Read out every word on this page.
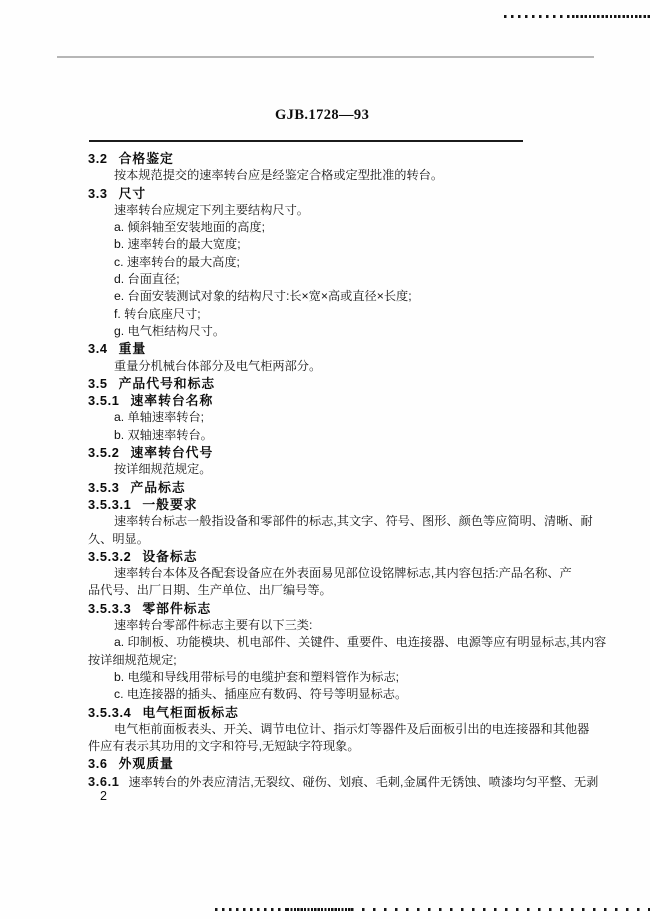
GJB.1728—93
3.2 合格鉴定
按本规范提交的速率转台应是经鉴定合格或定型批准的转台。
3.3 尺寸
速率转台应规定下列主要结构尺寸。
a. 倾斜轴至安装地面的高度;
b. 速率转台的最大宽度;
c. 速率转台的最大高度;
d. 台面直径;
e. 台面安装测试对象的结构尺寸:长×宽×高或直径×长度;
f. 转台底座尺寸;
g. 电气柜结构尺寸。
3.4 重量
重量分机械台体部分及电气柜两部分。
3.5 产品代号和标志
3.5.1 速率转台名称
a. 单轴速率转台;
b. 双轴速率转台。
3.5.2 速率转台代号
按详细规范规定。
3.5.3 产品标志
3.5.3.1 一般要求
速率转台标志一般指设备和零部件的标志,其文字、符号、图形、颜色等应简明、清晰、耐
久、明显。
3.5.3.2 设备标志
速率转台本体及各配套设备应在外表面易见部位设铭牌标志,其内容包括:产品名称、产
品代号、出厂日期、生产单位、出厂编号等。
3.5.3.3 零部件标志
速率转台零部件标志主要有以下三类:
a. 印制板、功能模块、机电部件、关键件、重要件、电连接器、电源等应有明显标志,其内容
按详细规范规定;
b. 电缆和导线用带标号的电缆护套和塑料管作为标志;
c. 电连接器的插头、插座应有数码、符号等明显标志。
3.5.3.4 电气柜面板标志
电气柜前面板表头、开关、调节电位计、指示灯等器件及后面板引出的电连接器和其他器
件应有表示其功用的文字和符号,无短缺字符现象。
3.6 外观质量
3.6.1 速率转台的外表应清洁,无裂纹、碰伤、划痕、毛刺,金属件无锈蚀、喷漆均匀平整、无剥
2
